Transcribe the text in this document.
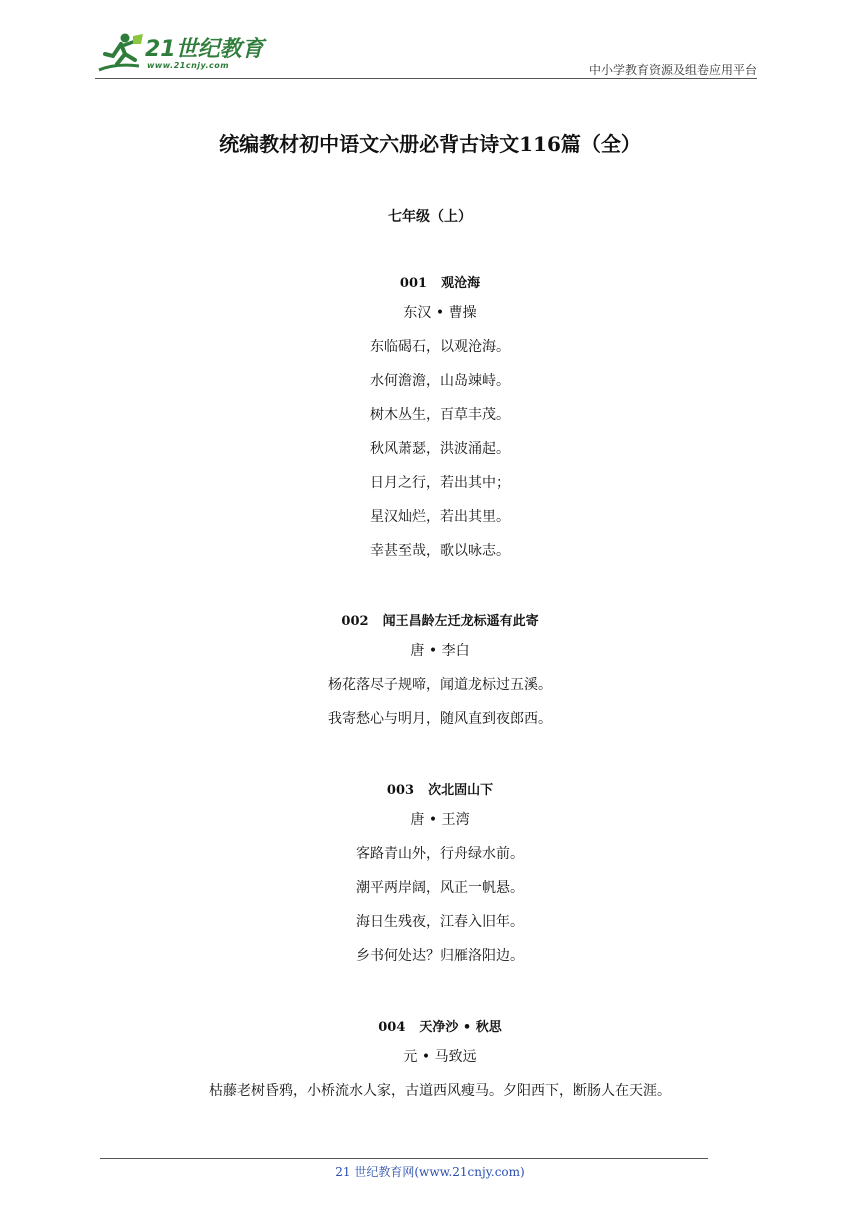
21世纪教育
www.21cnjy.com	中小学教育资源及组卷应用平台
统编教材初中语文六册必背古诗文116篇（全）
七年级（上）
001 观沧海
东汉 • 曹操
东临碣石，以观沧海。
水何澹澹，山岛竦峙。
树木丛生，百草丰茂。
秋风萧瑟，洪波涌起。
日月之行，若出其中；
星汉灿烂，若出其里。
幸甚至哉，歌以咏志。
002 闻王昌龄左迁龙标遥有此寄
唐 • 李白
杨花落尽子规啼，闻道龙标过五溪。
我寄愁心与明月，随风直到夜郎西。
003 次北固山下
唐 • 王湾
客路青山外，行舟绿水前。
潮平两岸阔，风正一帆悬。
海日生残夜，江春入旧年。
乡书何处达？归雁洛阳边。
004 天净沙 • 秋思
元 • 马致远
枯藤老树昏鸦，小桥流水人家，古道西风瘦马。夕阳西下，断肠人在天涯。
21 世纪教育网(www.21cnjy.com)
